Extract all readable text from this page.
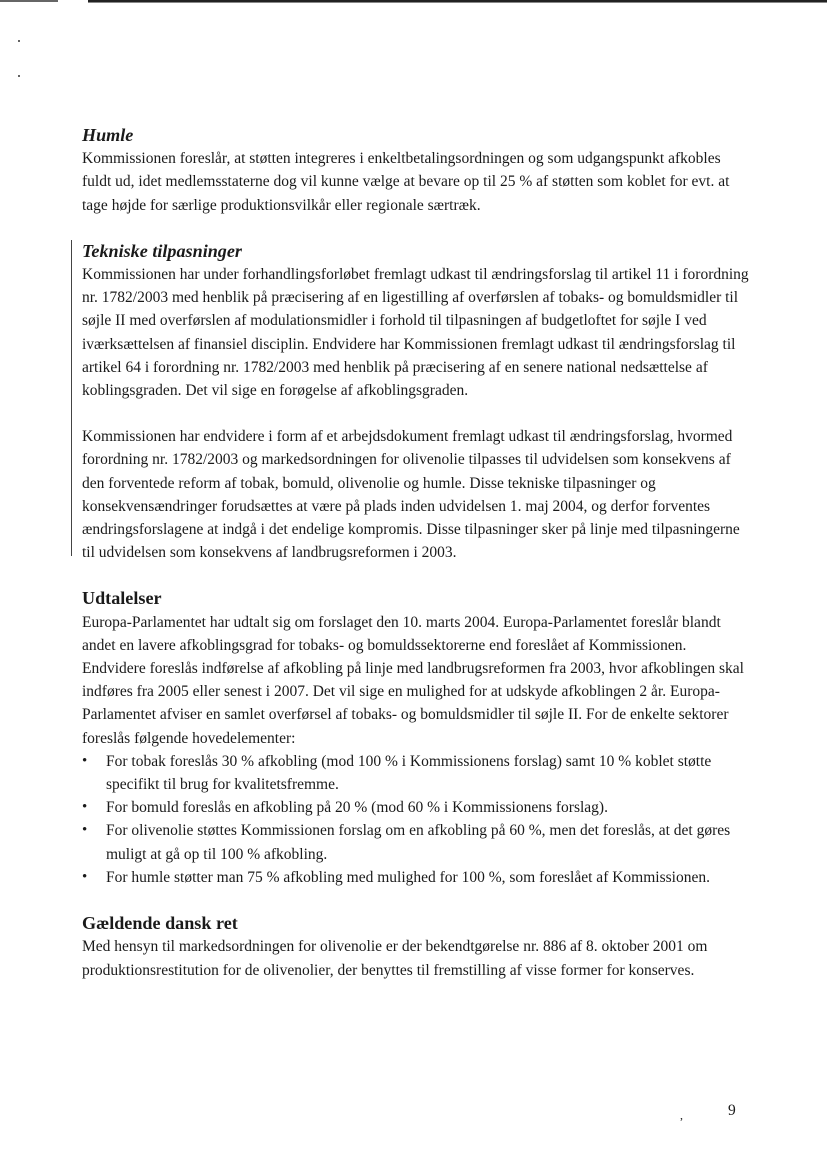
Humle

Kommissionen foreslår, at støtten integreres i enkeltbetalingsordningen og som udgangspunkt afkobles fuldt ud, idet medlemsstaterne dog vil kunne vælge at bevare op til 25 % af støtten som koblet for evt. at tage højde for særlige produktionsvilkår eller regionale særtræk.

Tekniske tilpasninger

Kommissionen har under forhandlingsforløbet fremlagt udkast til ændringsforslag til artikel 11 i forordning nr. 1782/2003 med henblik på præcisering af en ligestilling af overførslen af tobaks- og bomuldsmidler til søjle II med overførslen af modulationsmidler i forhold til tilpasningen af budgetloftet for søjle I ved iværksættelsen af finansiel disciplin. Endvidere har Kommissionen fremlagt udkast til ændringsforslag til artikel 64 i forordning nr. 1782/2003 med henblik på præcisering af en senere national nedsættelse af koblingsgraden. Det vil sige en forøgelse af afkoblingsgraden.

Kommissionen har endvidere i form af et arbejdsdokument fremlagt udkast til ændringsforslag, hvormed forordning nr. 1782/2003 og markedsordningen for olivenolie tilpasses til udvidelsen som konsekvens af den forventede reform af tobak, bomuld, olivenolie og humle. Disse tekniske tilpasninger og konsekvensændringer forudsættes at være på plads inden udvidelsen 1. maj 2004, og derfor forventes ændringsforslagene at indgå i det endelige kompromis. Disse tilpasninger sker på linje med tilpasningerne til udvidelsen som konsekvens af landbrugsreformen i 2003.

Udtalelser

Europa-Parlamentet har udtalt sig om forslaget den 10. marts 2004. Europa-Parlamentet foreslår blandt andet en lavere afkoblingsgrad for tobaks- og bomuldssektorerne end foreslået af Kommissionen. Endvidere foreslås indførelse af afkobling på linje med landbrugsreformen fra 2003, hvor afkoblingen skal indføres fra 2005 eller senest i 2007. Det vil sige en mulighed for at udskyde afkoblingen 2 år. Europa-Parlamentet afviser en samlet overførsel af tobaks- og bomuldsmidler til søjle II. For de enkelte sektorer foreslås følgende hovedelementer:

• For tobak foreslås 30 % afkobling (mod 100 % i Kommissionens forslag) samt 10 % koblet støtte specifikt til brug for kvalitetsfremme.
• For bomuld foreslås en afkobling på 20 % (mod 60 % i Kommissionens forslag).
• For olivenolie støttes Kommissionen forslag om en afkobling på 60 %, men det foreslås, at det gøres muligt at gå op til 100 % afkobling.
• For humle støtter man 75 % afkobling med mulighed for 100 %, som foreslået af Kommissionen.
Gældende dansk ret

Med hensyn til markedsordningen for olivenolie er der bekendtgørelse nr. 886 af 8. oktober 2001 om produktionsrestitution for de olivenolier, der benyttes til fremstilling af visse former for konserves.

,	9
